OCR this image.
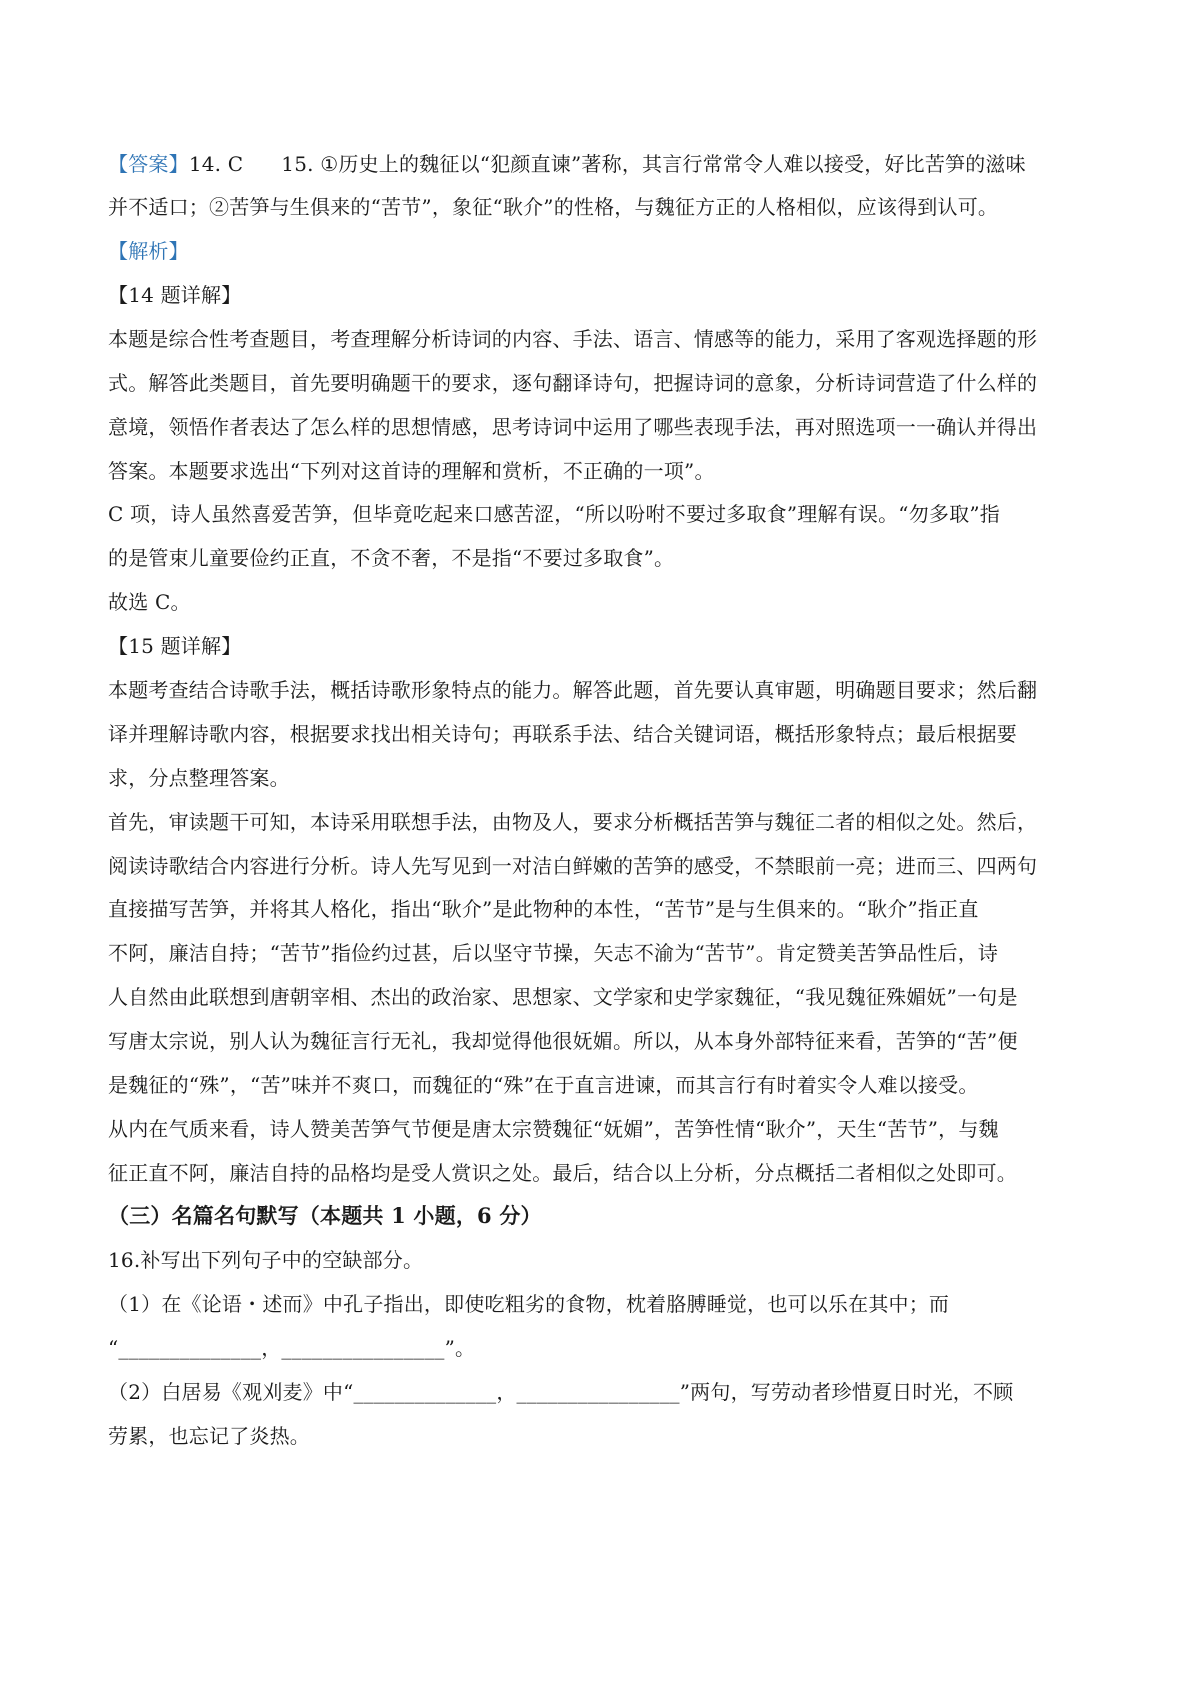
【答案】14. C 15. ①历史上的魏征以“犯颜直谏”著称，其言行常常令人难以接受，好比苦笋的滋味
并不适口；②苦笋与生俱来的“苦节”，象征“耿介”的性格，与魏征方正的人格相似，应该得到认可。
【解析】
【14 题详解】
本题是综合性考查题目，考查理解分析诗词的内容、手法、语言、情感等的能力，采用了客观选择题的形
式。解答此类题目，首先要明确题干的要求，逐句翻译诗句，把握诗词的意象，分析诗词营造了什么样的
意境，领悟作者表达了怎么样的思想情感，思考诗词中运用了哪些表现手法，再对照选项一一确认并得出
答案。本题要求选出“下列对这首诗的理解和赏析，不正确的一项”。
C 项，诗人虽然喜爱苦笋，但毕竟吃起来口感苦涩，“所以吩咐不要过多取食”理解有误。“勿多取”指
的是管束儿童要俭约正直，不贪不奢，不是指“不要过多取食”。
故选 C。
【15 题详解】
本题考查结合诗歌手法，概括诗歌形象特点的能力。解答此题，首先要认真审题，明确题目要求；然后翻
译并理解诗歌内容，根据要求找出相关诗句；再联系手法、结合关键词语，概括形象特点；最后根据要
求，分点整理答案。
首先，审读题干可知，本诗采用联想手法，由物及人，要求分析概括苦笋与魏征二者的相似之处。然后，
阅读诗歌结合内容进行分析。诗人先写见到一对洁白鲜嫩的苦笋的感受，不禁眼前一亮；进而三、四两句
直接描写苦笋，并将其人格化，指出“耿介”是此物种的本性，“苦节”是与生俱来的。“耿介”指正直
不阿，廉洁自持；“苦节”指俭约过甚，后以坚守节操，矢志不渝为“苦节”。肯定赞美苦笋品性后，诗
人自然由此联想到唐朝宰相、杰出的政治家、思想家、文学家和史学家魏征，“我见魏征殊媚妩”一句是
写唐太宗说，别人认为魏征言行无礼，我却觉得他很妩媚。所以，从本身外部特征来看，苦笋的“苦”便
是魏征的“殊”，“苦”味并不爽口，而魏征的“殊”在于直言进谏，而其言行有时着实令人难以接受。
从内在气质来看，诗人赞美苦笋气节便是唐太宗赞魏征“妩媚”，苦笋性情“耿介”，天生“苦节”，与魏
征正直不阿，廉洁自持的品格均是受人赏识之处。最后，结合以上分析，分点概括二者相似之处即可。
（三）名篇名句默写（本题共 1 小题，6 分）
16.补写出下列句子中的空缺部分。
（1）在《论语・述而》中孔子指出，即使吃粗劣的食物，枕着胳膊睡觉，也可以乐在其中；而
“______________，________________”。
（2）白居易《观刈麦》中“______________，________________”两句，写劳动者珍惜夏日时光，不顾
劳累，也忘记了炎热。
